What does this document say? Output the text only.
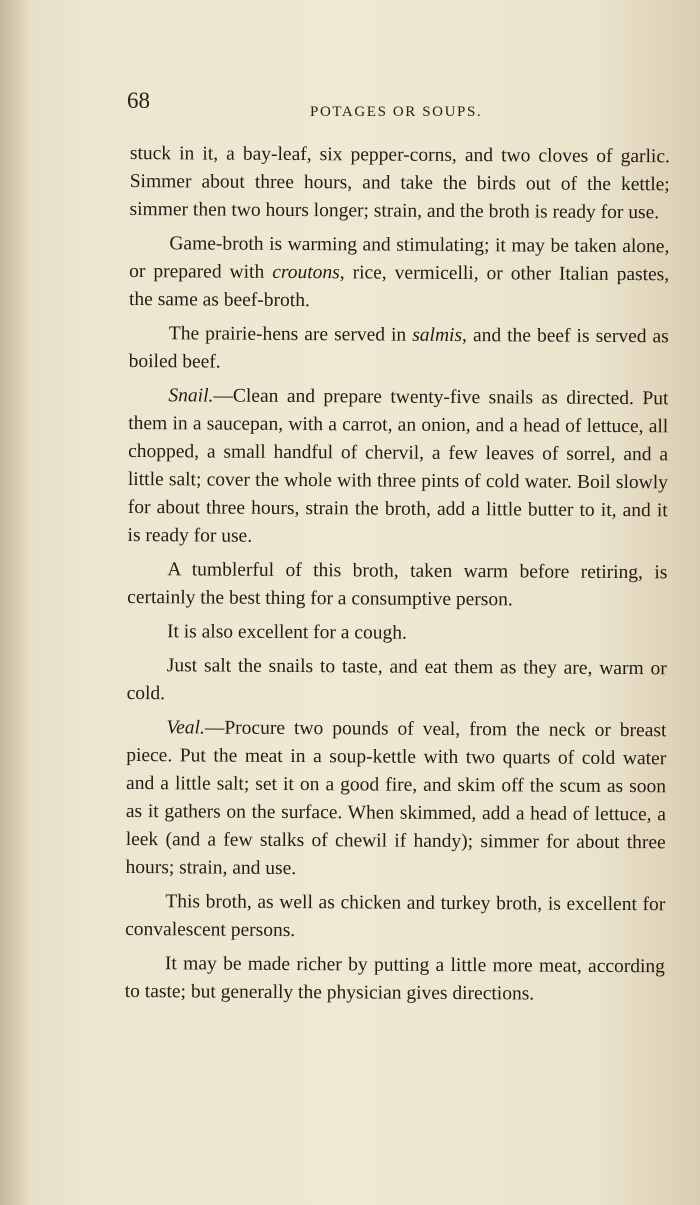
68	POTAGES OR SOUPS.

stuck in it, a bay-leaf, six pepper-corns, and two cloves of garlic. Simmer about three hours, and take the birds out of the kettle; simmer then two hours longer; strain, and the broth is ready for use.

Game-broth is warming and stimulating; it may be taken alone, or prepared with croutons, rice, vermicelli, or other Italian pastes, the same as beef-broth.

The prairie-hens are served in salmis, and the beef is served as boiled beef.

Snail.—Clean and prepare twenty-five snails as directed. Put them in a saucepan, with a carrot, an onion, and a head of lettuce, all chopped, a small handful of chervil, a few leaves of sorrel, and a little salt; cover the whole with three pints of cold water. Boil slowly for about three hours, strain the broth, add a little butter to it, and it is ready for use.

A tumblerful of this broth, taken warm before retiring, is certainly the best thing for a consumptive person.

It is also excellent for a cough.

Just salt the snails to taste, and eat them as they are, warm or cold.

Veal.—Procure two pounds of veal, from the neck or breast piece. Put the meat in a soup-kettle with two quarts of cold water and a little salt; set it on a good fire, and skim off the scum as soon as it gathers on the surface. When skimmed, add a head of lettuce, a leek (and a few stalks of chewil if handy); simmer for about three hours; strain, and use.

This broth, as well as chicken and turkey broth, is excellent for convalescent persons.

It may be made richer by putting a little more meat, according to taste; but generally the physician gives directions.
